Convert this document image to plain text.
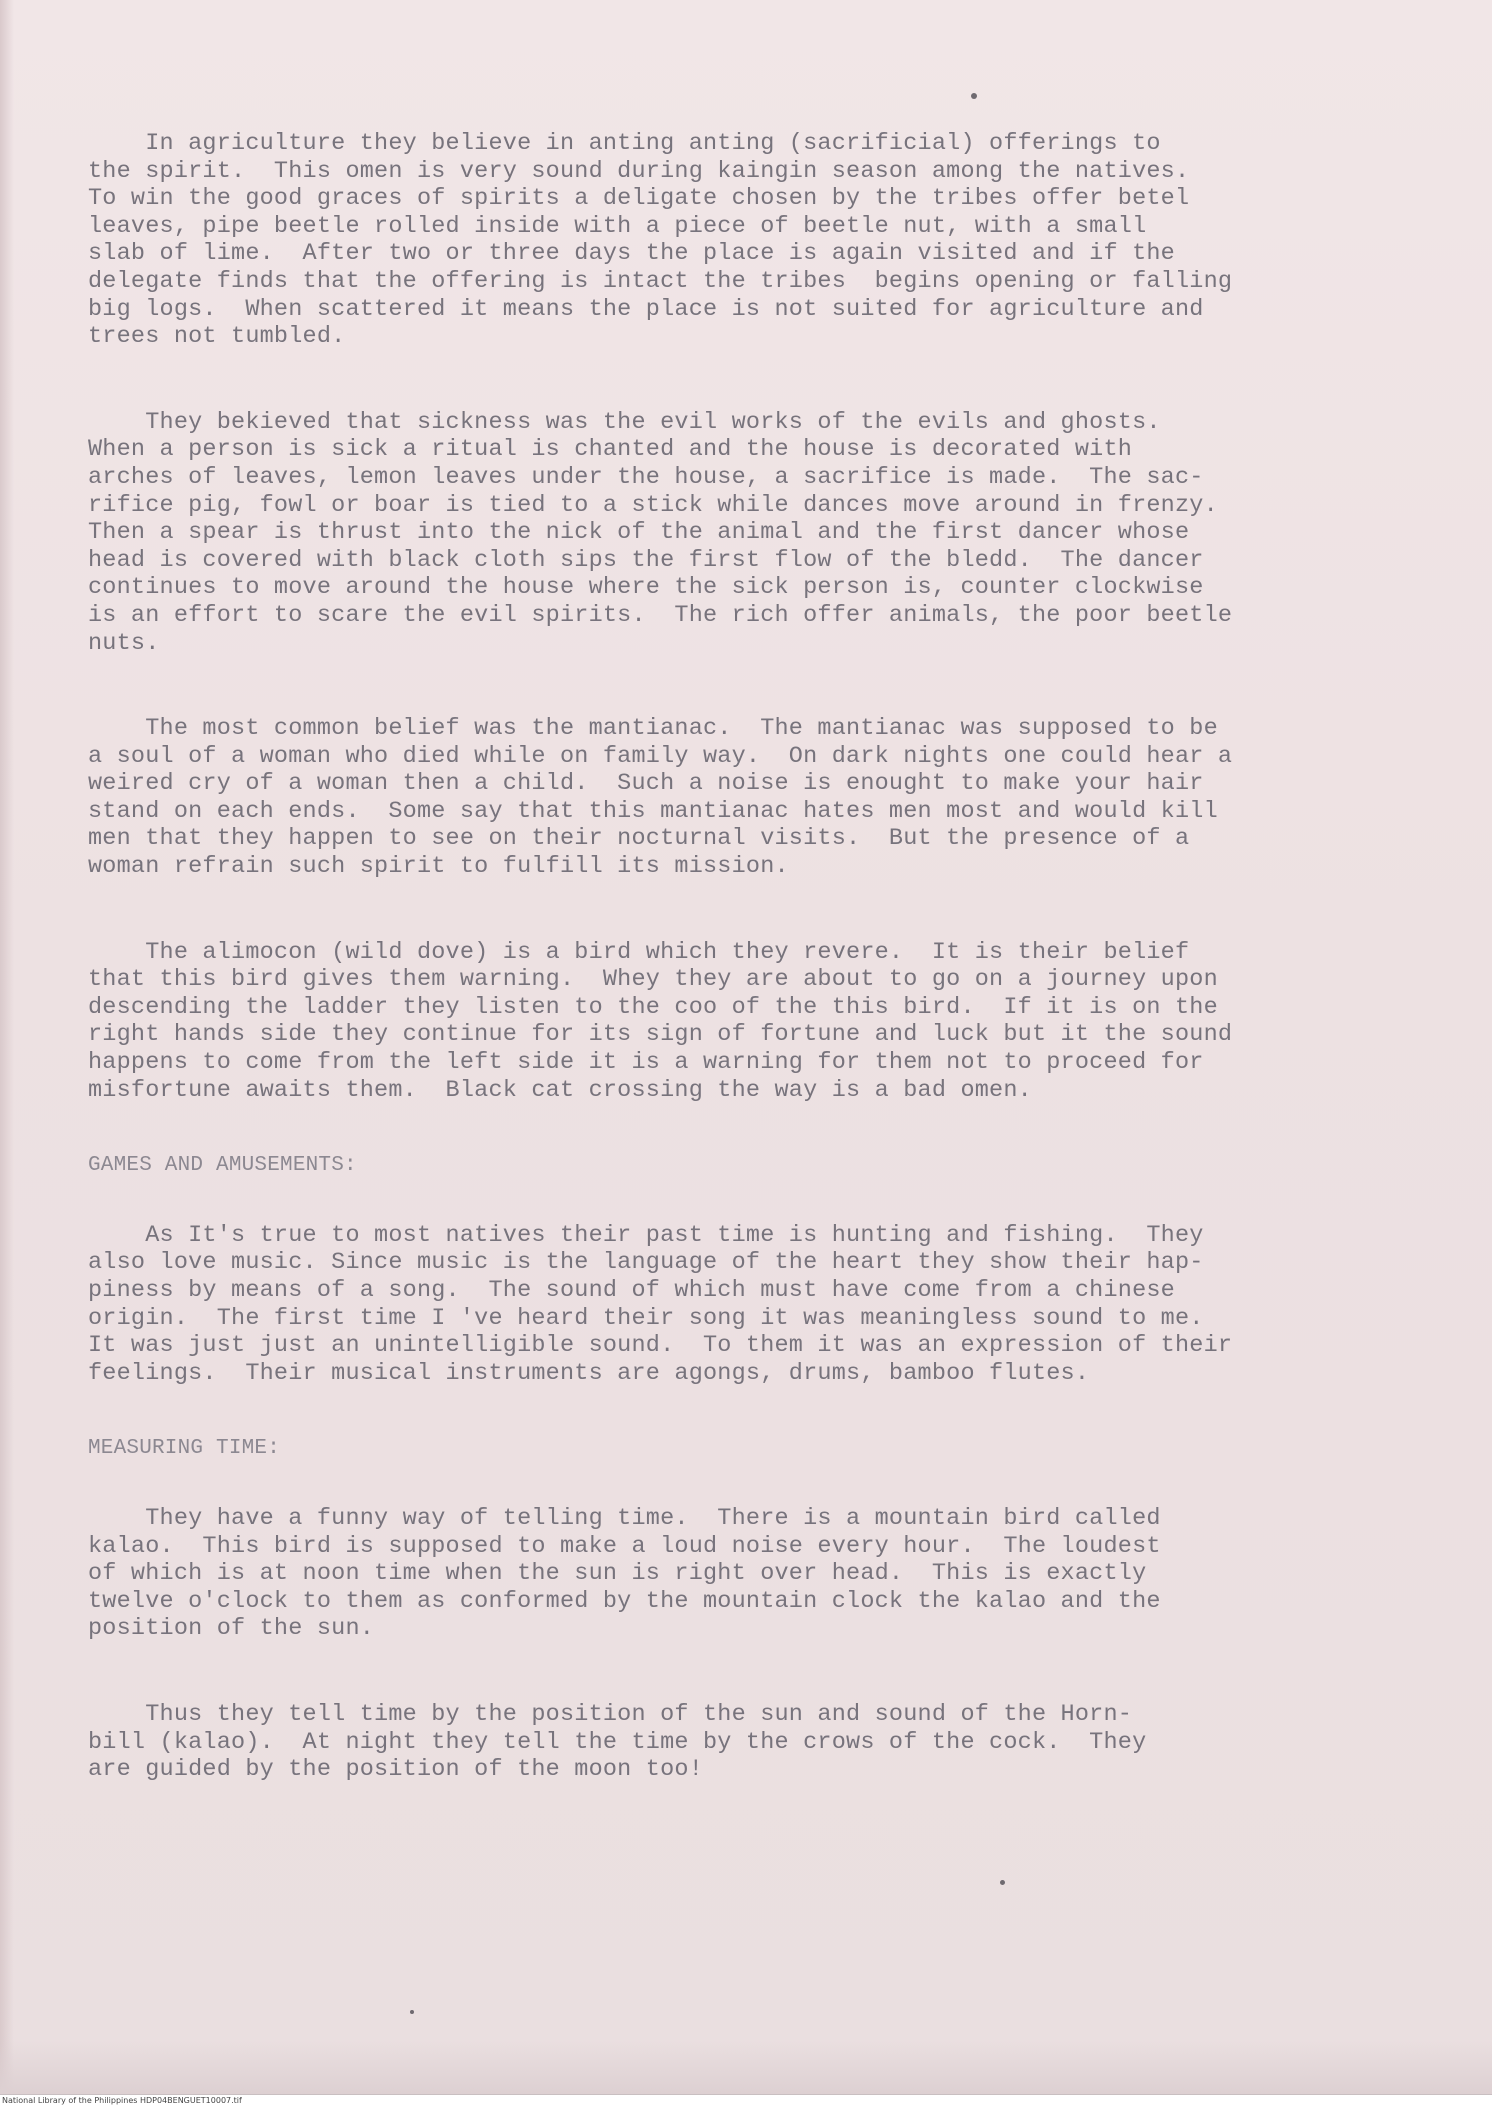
In agriculture they believe in anting anting (sacrificial) offerings to
the spirit.  This omen is very sound during kaingin season among the natives.
To win the good graces of spirits a deligate chosen by the tribes offer betel
leaves, pipe beetle rolled inside with a piece of beetle nut, with a small
slab of lime.  After two or three days the place is again visited and if the
delegate finds that the offering is intact the tribes  begins opening or falling
big logs.  When scattered it means the place is not suited for agriculture and
trees not tumbled.
They bekieved that sickness was the evil works of the evils and ghosts.
When a person is sick a ritual is chanted and the house is decorated with
arches of leaves, lemon leaves under the house, a sacrifice is made.  The sac-
rifice pig, fowl or boar is tied to a stick while dances move around in frenzy.
Then a spear is thrust into the nick of the animal and the first dancer whose
head is covered with black cloth sips the first flow of the bledd.  The dancer
continues to move around the house where the sick person is, counter clockwise
is an effort to scare the evil spirits.  The rich offer animals, the poor beetle
nuts.
The most common belief was the mantianac.  The mantianac was supposed to be
a soul of a woman who died while on family way.  On dark nights one could hear a
weired cry of a woman then a child.  Such a noise is enought to make your hair
stand on each ends.  Some say that this mantianac hates men most and would kill
men that they happen to see on their nocturnal visits.  But the presence of a
woman refrain such spirit to fulfill its mission.
The alimocon (wild dove) is a bird which they revere.  It is their belief
that this bird gives them warning.  Whey they are about to go on a journey upon
descending the ladder they listen to the coo of the this bird.  If it is on the
right hands side they continue for its sign of fortune and luck but it the sound
happens to come from the left side it is a warning for them not to proceed for
misfortune awaits them.  Black cat crossing the way is a bad omen.
GAMES AND AMUSEMENTS:
As It's true to most natives their past time is hunting and fishing.  They
also love music. Since music is the language of the heart they show their hap-
piness by means of a song.  The sound of which must have come from a chinese
origin.  The first time I 've heard their song it was meaningless sound to me.
It was just just an unintelligible sound.  To them it was an expression of their
feelings.  Their musical instruments are agongs, drums, bamboo flutes.
MEASURING TIME:
They have a funny way of telling time.  There is a mountain bird called
kalao.  This bird is supposed to make a loud noise every hour.  The loudest
of which is at noon time when the sun is right over head.  This is exactly
twelve o'clock to them as conformed by the mountain clock the kalao and the
position of the sun.
Thus they tell time by the position of the sun and sound of the Horn-
bill (kalao).  At night they tell the time by the crows of the cock.  They
are guided by the position of the moon too!
National Library of the Philippines HDP04BENGUET10007.tif
